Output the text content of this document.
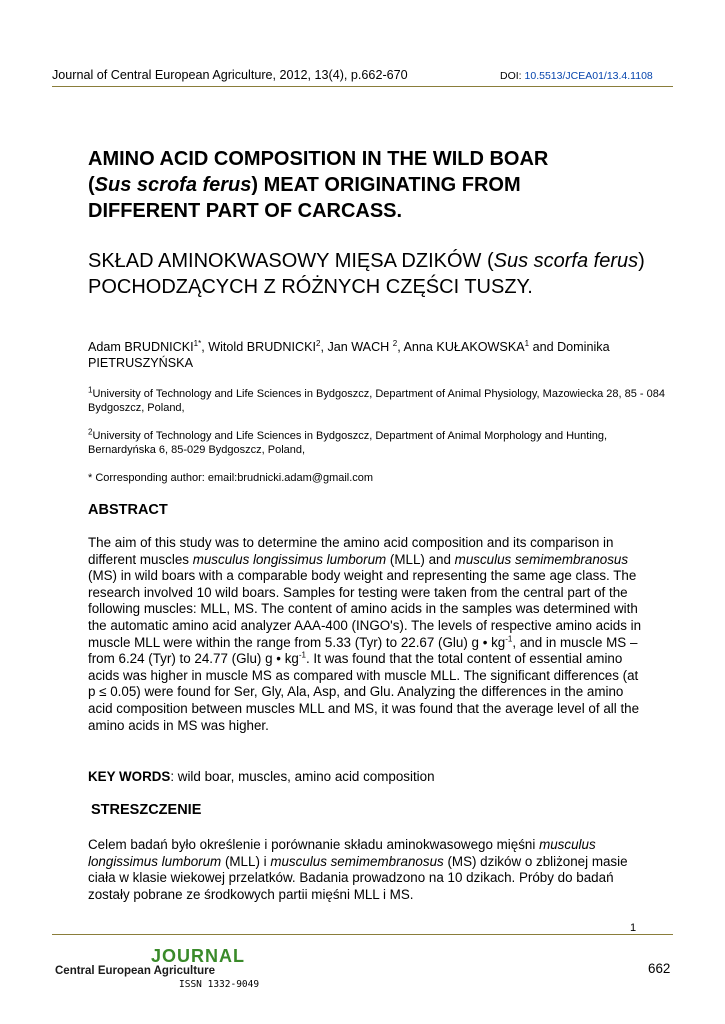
Journal of Central European Agriculture, 2012, 13(4), p.662-670	DOI: 10.5513/JCEA01/13.4.1108
AMINO ACID COMPOSITION IN THE WILD BOAR
(Sus scrofa ferus) MEAT ORIGINATING FROM
DIFFERENT PART OF CARCASS.
SKŁAD AMINOKWASOWY MIĘSA DZIKÓW (Sus scorfa ferus) POCHODZĄCYCH Z RÓŻNYCH CZĘŚCI TUSZY.
Adam $BRUDNICKI^{1*}$, Witold BRUDNICKI$^2$, Jan WACH $^2$, Anna KUŁAKOWSKA$^1$ and Dominika PIETRUSZYŃSKA
$^1$University of Technology and Life Sciences in Bydgoszcz, Department of Animal Physiology, Mazowiecka 28, 85 - 084 Bydgoszcz, Poland,
$^2$University of Technology and Life Sciences in Bydgoszcz, Department of Animal Morphology and Hunting, Bernardyńska 6, 85-029 Bydgoszcz, Poland,
* Corresponding author: email:brudnicki.adam@gmail.com
ABSTRACT
The aim of this study was to determine the amino acid composition and its comparison in different muscles musculus longissimus lumborum (MLL) and musculus semimembranosus (MS) in wild boars with a comparable body weight and representing the same age class. The research involved 10 wild boars. Samples for testing were taken from the central part of the following muscles: MLL, MS. The content of amino acids in the samples was determined with the automatic amino acid analyzer AAA-400 (INGO's). The levels of respective amino acids in muscle MLL were within the range from 5.33 (Tyr) to 22.67 (Glu) g • $kg^{-1}$, and in muscle MS – from 6.24 (Tyr) to 24.77 (Glu) g • $kg^{-1}$. It was found that the total content of essential amino acids was higher in muscle MS as compared with muscle MLL. The significant differences (at p ≤ 0.05) were found for Ser, Gly, Ala, Asp, and Glu. Analyzing the differences in the amino acid composition between muscles MLL and MS, it was found that the average level of all the amino acids in MS was higher.
KEY WORDS: wild boar, muscles, amino acid composition
STRESZCZENIE
Celem badań było określenie i porównanie składu aminokwasowego mięśni musculus longissimus lumborum (MLL) i musculus semimembranosus (MS) dzików o zbliżonej masie ciała w klasie wiekowej przelatków. Badania prowadzono na 10 dzikach. Próby do badań zostały pobrane ze środkowych partii mięśni MLL i MS.
1
JOURNAL
Central European Agriculture
ISSN 1332-9049
662
